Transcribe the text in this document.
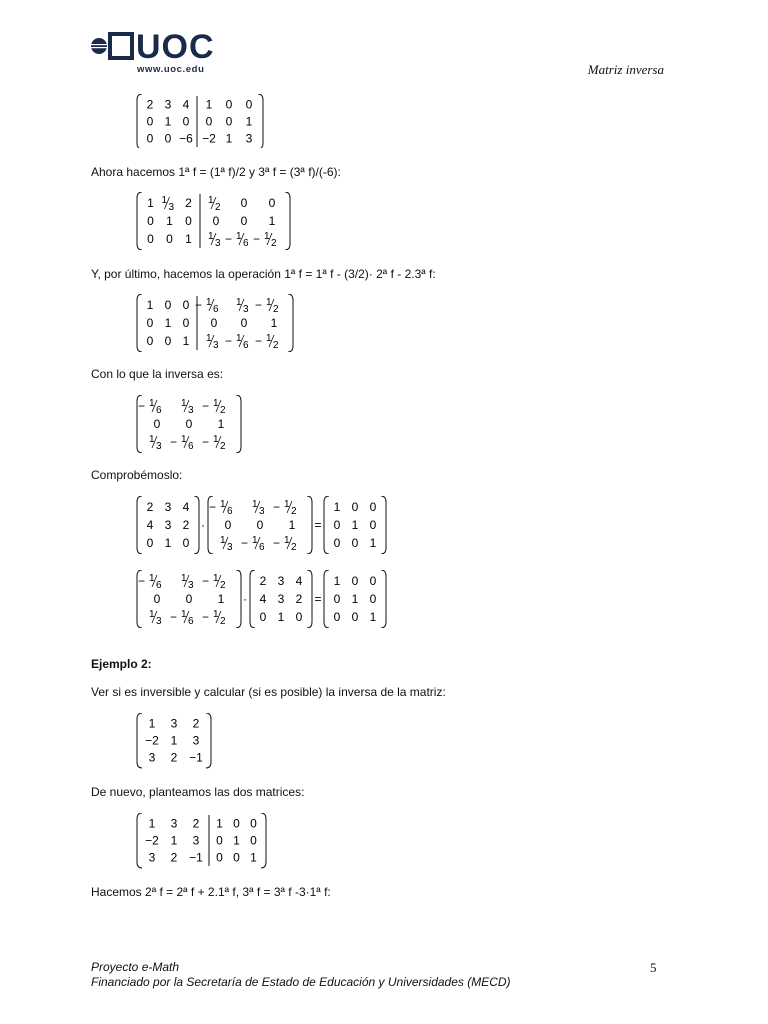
UOC
www.uoc.edu	Matriz inversa
2 3 4
0 1 0
0 0 −6
1 0 0
0 0 1
−2 1 3
Ahora hacemos 1ª f = (1ª f)/2 y 3ª f = (3ª f)/(-6):
1 1
3 2
0 1 0
0 0 1
1
2 0 0
0 0 1
1
3 − 1
6 − 1
2
Y, por último, hacemos la operación 1ª f = 1ª f - (3/2)· 2ª f - 2.3ª f:
1 0 0
0 1 0
0 0 1
− 1
6
1
3 − 1
2
0 0 1
1
3 − 1
6 − 1
2
Con lo que la inversa es:
− 1
6
1
3 − 1
2
0 0 1
1
3 − 1
6 − 1
2
Comprobémoslo:
2 3 4
4 3 2
0 1 0
·
− 1
6
1
3 − 1
2
0 0 1
1
3 − 1
6 − 1
2
=
1 0 0
0 1 0
0 0 1
− 1
6
1
3 − 1
2
0 0 1
1
3 − 1
6 − 1
2
·
2 3 4
4 3 2
0 1 0
=
1 0 0
0 1 0
0 0 1
Ejemplo 2:
Ver si es inversible y calcular (si es posible) la inversa de la matriz:
1 3 2
−2 1 3
3 2 −1
De nuevo, planteamos las dos matrices:
1 3 2
−2 1 3
3 2 −1
1 0 0
0 1 0
0 0 1
Hacemos 2ª f = 2ª f + 2.1ª f, 3ª f = 3ª f -3·1ª f:
Proyecto e-Math
Financiado por la Secretaría de Estado de Educación y Universidades (MECD)
5
